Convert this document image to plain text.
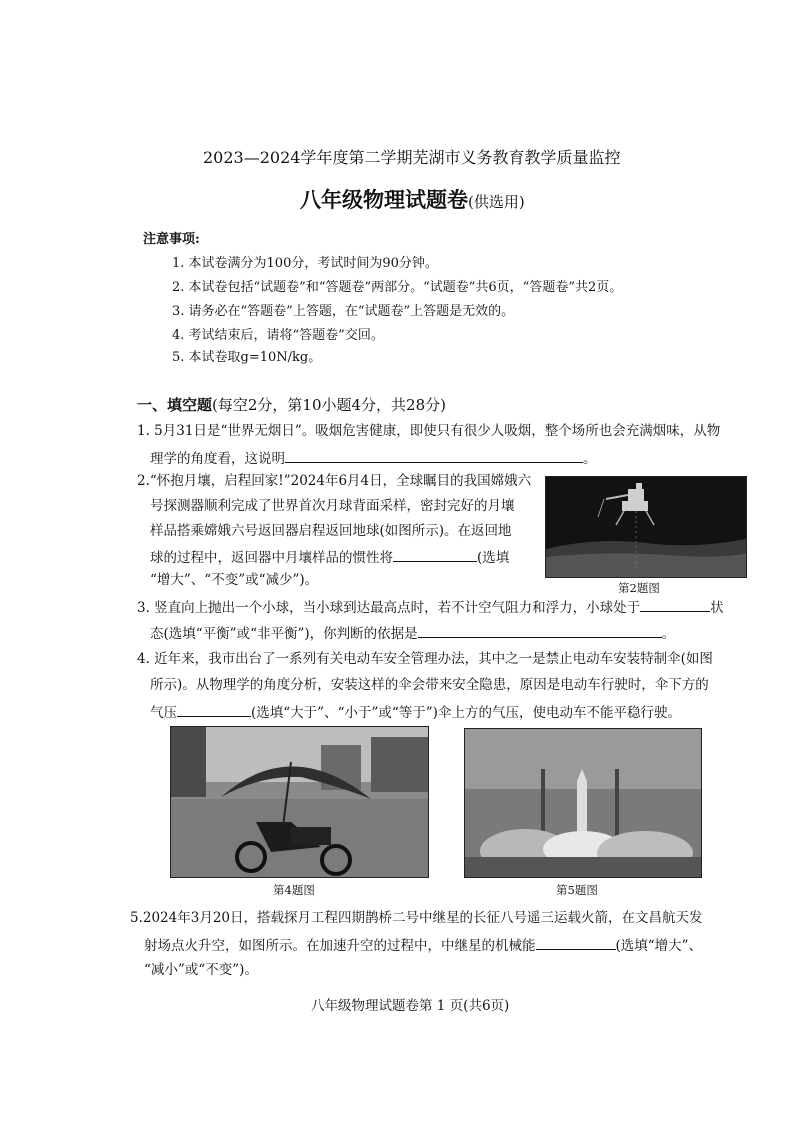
2023—2024学年度第二学期芜湖市义务教育教学质量监控
八年级物理试题卷(供选用)
注意事项:
1. 本试卷满分为100分，考试时间为90分钟。
2. 本试卷包括“试题卷”和“答题卷”两部分。“试题卷”共6页，“答题卷”共2页。
3. 请务必在“答题卷”上答题，在“试题卷”上答题是无效的。
4. 考试结束后，请将“答题卷”交回。
5. 本试卷取g=10N/kg。
一、填空题(每空2分，第10小题4分，共28分)
1. 5月31日是“世界无烟日”。吸烟危害健康，即使只有很少人吸烟，整个场所也会充满烟味，从物
理学的角度看，这说明	。
2.“怀抱月壤，启程回家!”2024年6月4日，全球瞩目的我国嫦娥六
号探测器顺利完成了世界首次月球背面采样，密封完好的月壤
样品搭乘嫦娥六号返回器启程返回地球(如图所示)。在返回地
球的过程中，返回器中月壤样品的惯性将	(选填
“增大”、“不变”或“减少”)。	第2题图
3. 竖直向上抛出一个小球，当小球到达最高点时，若不计空气阻力和浮力，小球处于	状
态(选填“平衡”或“非平衡”)，你判断的依据是	。
4. 近年来，我市出台了一系列有关电动车安全管理办法，其中之一是禁止电动车安装特制伞(如图
所示)。从物理学的角度分析，安装这样的伞会带来安全隐患，原因是电动车行驶时，伞下方的
气压	(选填“大于”、“小于”或“等于”)伞上方的气压，使电动车不能平稳行驶。
第4题图	第5题图
5.2024年3月20日，搭载探月工程四期鹊桥二号中继星的长征八号遥三运载火箭，在文昌航天发
射场点火升空，如图所示。在加速升空的过程中，中继星的机械能	(选填“增大”、
“减小”或“不变”)。
八年级物理试题卷第 1 页(共6页)
